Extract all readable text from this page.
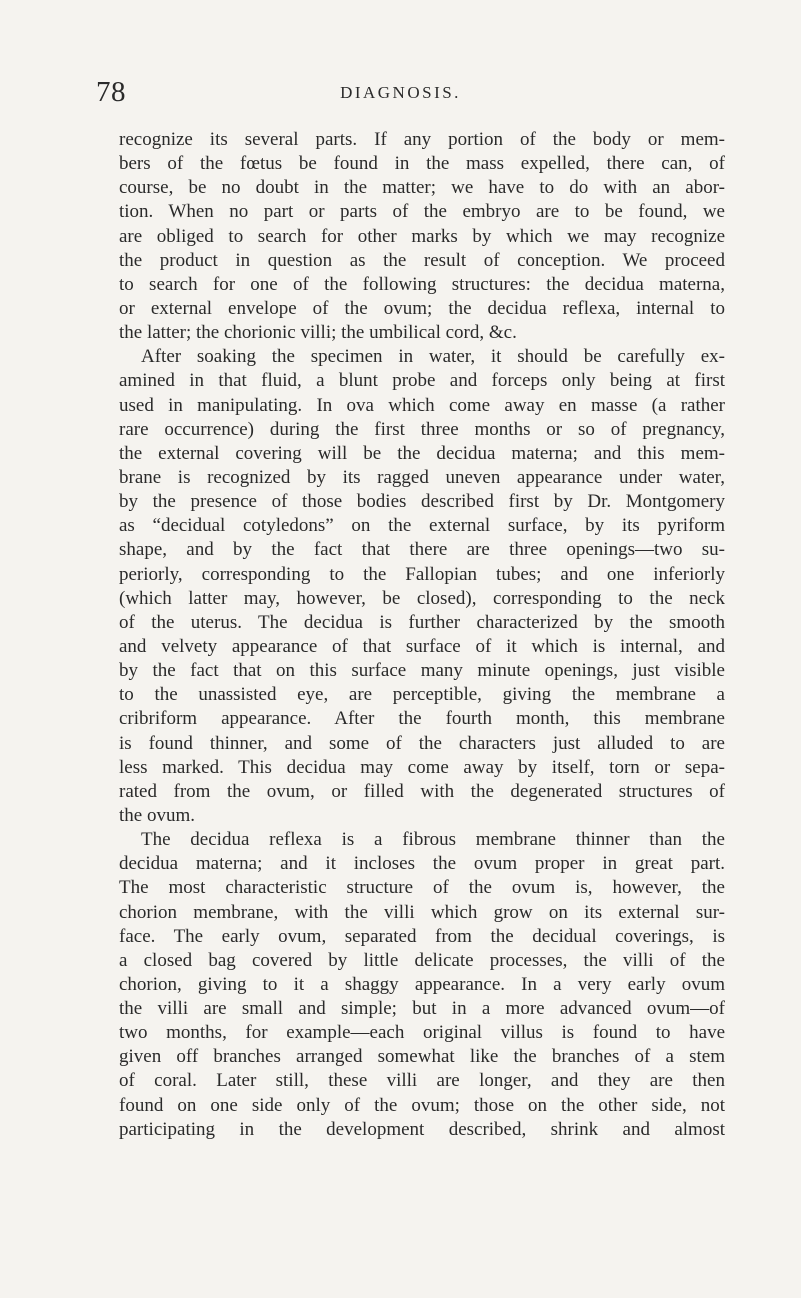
78	DIAGNOSIS.
recognize its several parts. If any portion of the body or mem-
bers of the fœtus be found in the mass expelled, there can, of
course, be no doubt in the matter; we have to do with an abor-
tion. When no part or parts of the embryo are to be found, we
are obliged to search for other marks by which we may recognize
the product in question as the result of conception. We proceed
to search for one of the following structures: the decidua materna,
or external envelope of the ovum; the decidua reflexa, internal to
the latter; the chorionic villi; the umbilical cord, &c.
After soaking the specimen in water, it should be carefully ex-
amined in that fluid, a blunt probe and forceps only being at first
used in manipulating. In ova which come away en masse (a rather
rare occurrence) during the first three months or so of pregnancy,
the external covering will be the decidua materna; and this mem-
brane is recognized by its ragged uneven appearance under water,
by the presence of those bodies described first by Dr. Montgomery
as “decidual cotyledons” on the external surface, by its pyriform
shape, and by the fact that there are three openings—two su-
periorly, corresponding to the Fallopian tubes; and one inferiorly
(which latter may, however, be closed), corresponding to the neck
of the uterus. The decidua is further characterized by the smooth
and velvety appearance of that surface of it which is internal, and
by the fact that on this surface many minute openings, just visible
to the unassisted eye, are perceptible, giving the membrane a
cribriform appearance. After the fourth month, this membrane
is found thinner, and some of the characters just alluded to are
less marked. This decidua may come away by itself, torn or sepa-
rated from the ovum, or filled with the degenerated structures of
the ovum.
The decidua reflexa is a fibrous membrane thinner than the
decidua materna; and it incloses the ovum proper in great part.
The most characteristic structure of the ovum is, however, the
chorion membrane, with the villi which grow on its external sur-
face. The early ovum, separated from the decidual coverings, is
a closed bag covered by little delicate processes, the villi of the
chorion, giving to it a shaggy appearance. In a very early ovum
the villi are small and simple; but in a more advanced ovum—of
two months, for example—each original villus is found to have
given off branches arranged somewhat like the branches of a stem
of coral. Later still, these villi are longer, and they are then
found on one side only of the ovum; those on the other side, not
participating in the development described, shrink and almost
